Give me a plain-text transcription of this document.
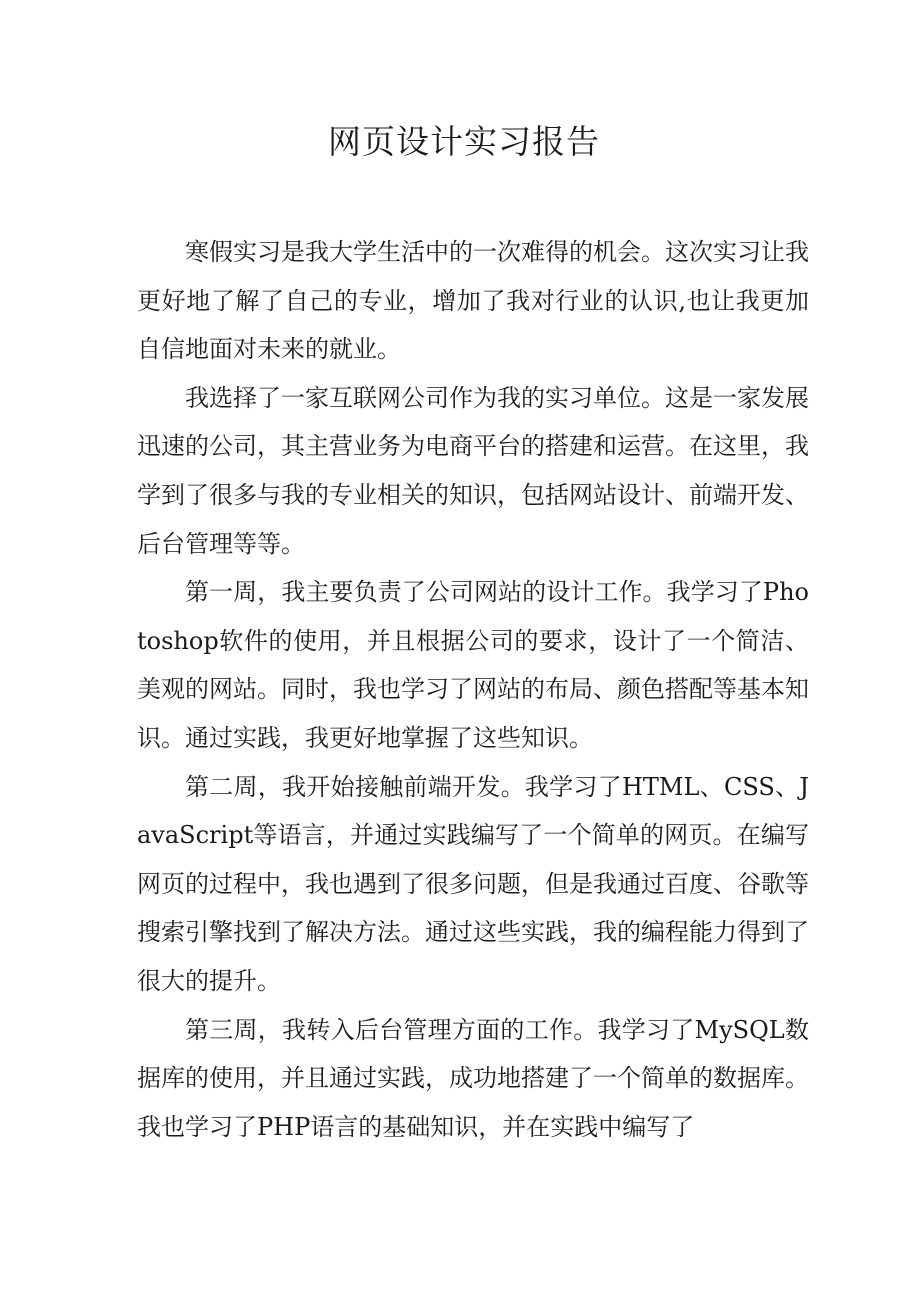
网页设计实习报告

寒假实习是我大学生活中的一次难得的机会。这次实习让我更好地了解了自己的专业，增加了我对行业的认识,也让我更加自信地面对未来的就业。

我选择了一家互联网公司作为我的实习单位。这是一家发展迅速的公司，其主营业务为电商平台的搭建和运营。在这里，我学到了很多与我的专业相关的知识，包括网站设计、前端开发、后台管理等等。

第一周，我主要负责了公司网站的设计工作。我学习了Photoshop软件的使用，并且根据公司的要求，设计了一个简洁、美观的网站。同时，我也学习了网站的布局、颜色搭配等基本知识。通过实践，我更好地掌握了这些知识。

第二周，我开始接触前端开发。我学习了HTML、CSS、JavaScript等语言，并通过实践编写了一个简单的网页。在编写网页的过程中，我也遇到了很多问题，但是我通过百度、谷歌等搜索引擎找到了解决方法。通过这些实践，我的编程能力得到了很大的提升。

第三周，我转入后台管理方面的工作。我学习了MySQL数据库的使用，并且通过实践，成功地搭建了一个简单的数据库。我也学习了PHP语言的基础知识，并在实践中编写了
